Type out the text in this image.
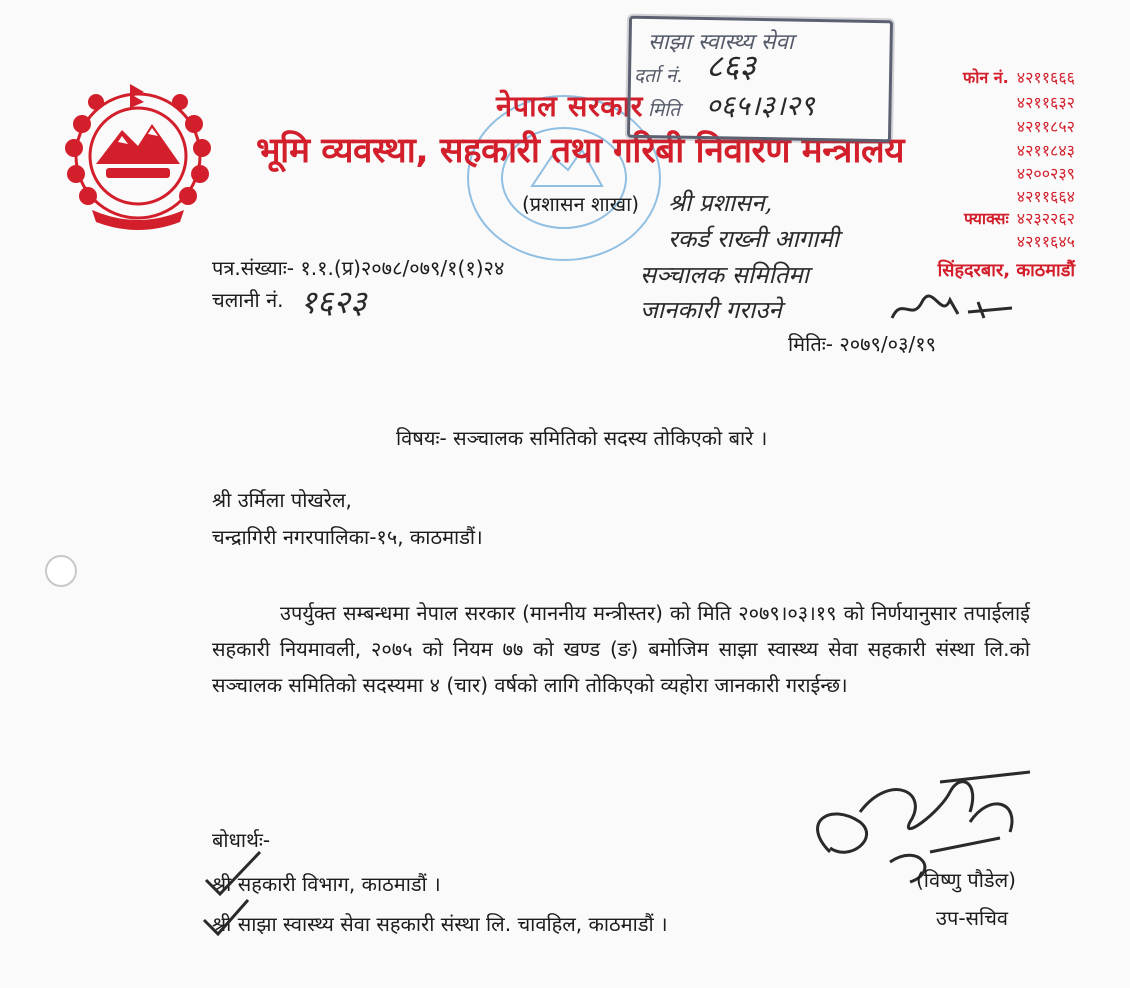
नेपाल सरकार
भूमि व्यवस्था, सहकारी तथा गरिबी निवारण मन्त्रालय
(प्रशासन शाखा)
फोन नं. ४२११६६६
४२११६३२
४२११८५२
४२११८४३
४२००२३९
४२११६६४
फ्याक्सः ४२३२२६२
४२११६४५
सिंहदरबार, काठमाडौं
साझा स्वास्थ्य सेवा
दर्ता नं. ८६३
मिति ०६५।३।२९
पत्र.संख्याः- १.१.(प्र)२०७८/०७९/१(१)२४
चलानी नं. १६२३
श्री प्रशासन,
रकर्ड राख्नी आगामी
सञ्चालक समितिमा
जानकारी गराउने
मितिः- २०७९/०३/१९
विषयः- सञ्चालक समितिको सदस्य तोकिएको बारे ।
श्री उर्मिला पोखरेल,
चन्द्रागिरी नगरपालिका-१५, काठमाडौं।
उपर्युक्त सम्बन्धमा नेपाल सरकार (माननीय मन्त्रीस्तर) को मिति २०७९।०३।१९ को निर्णयानुसार तपाईलाई सहकारी नियमावली, २०७५ को नियम ७७ को खण्ड (ङ) बमोजिम साझा स्वास्थ्य सेवा सहकारी संस्था लि.को सञ्चालक समितिको सदस्यमा ४ (चार) वर्षको लागि तोकिएको व्यहोरा जानकारी गराईन्छ।
बोधार्थः-
श्री सहकारी विभाग, काठमाडौं ।
श्री साझा स्वास्थ्य सेवा सहकारी संस्था लि. चावहिल, काठमाडौं ।
(विष्णु पौडेल)
उप-सचिव
